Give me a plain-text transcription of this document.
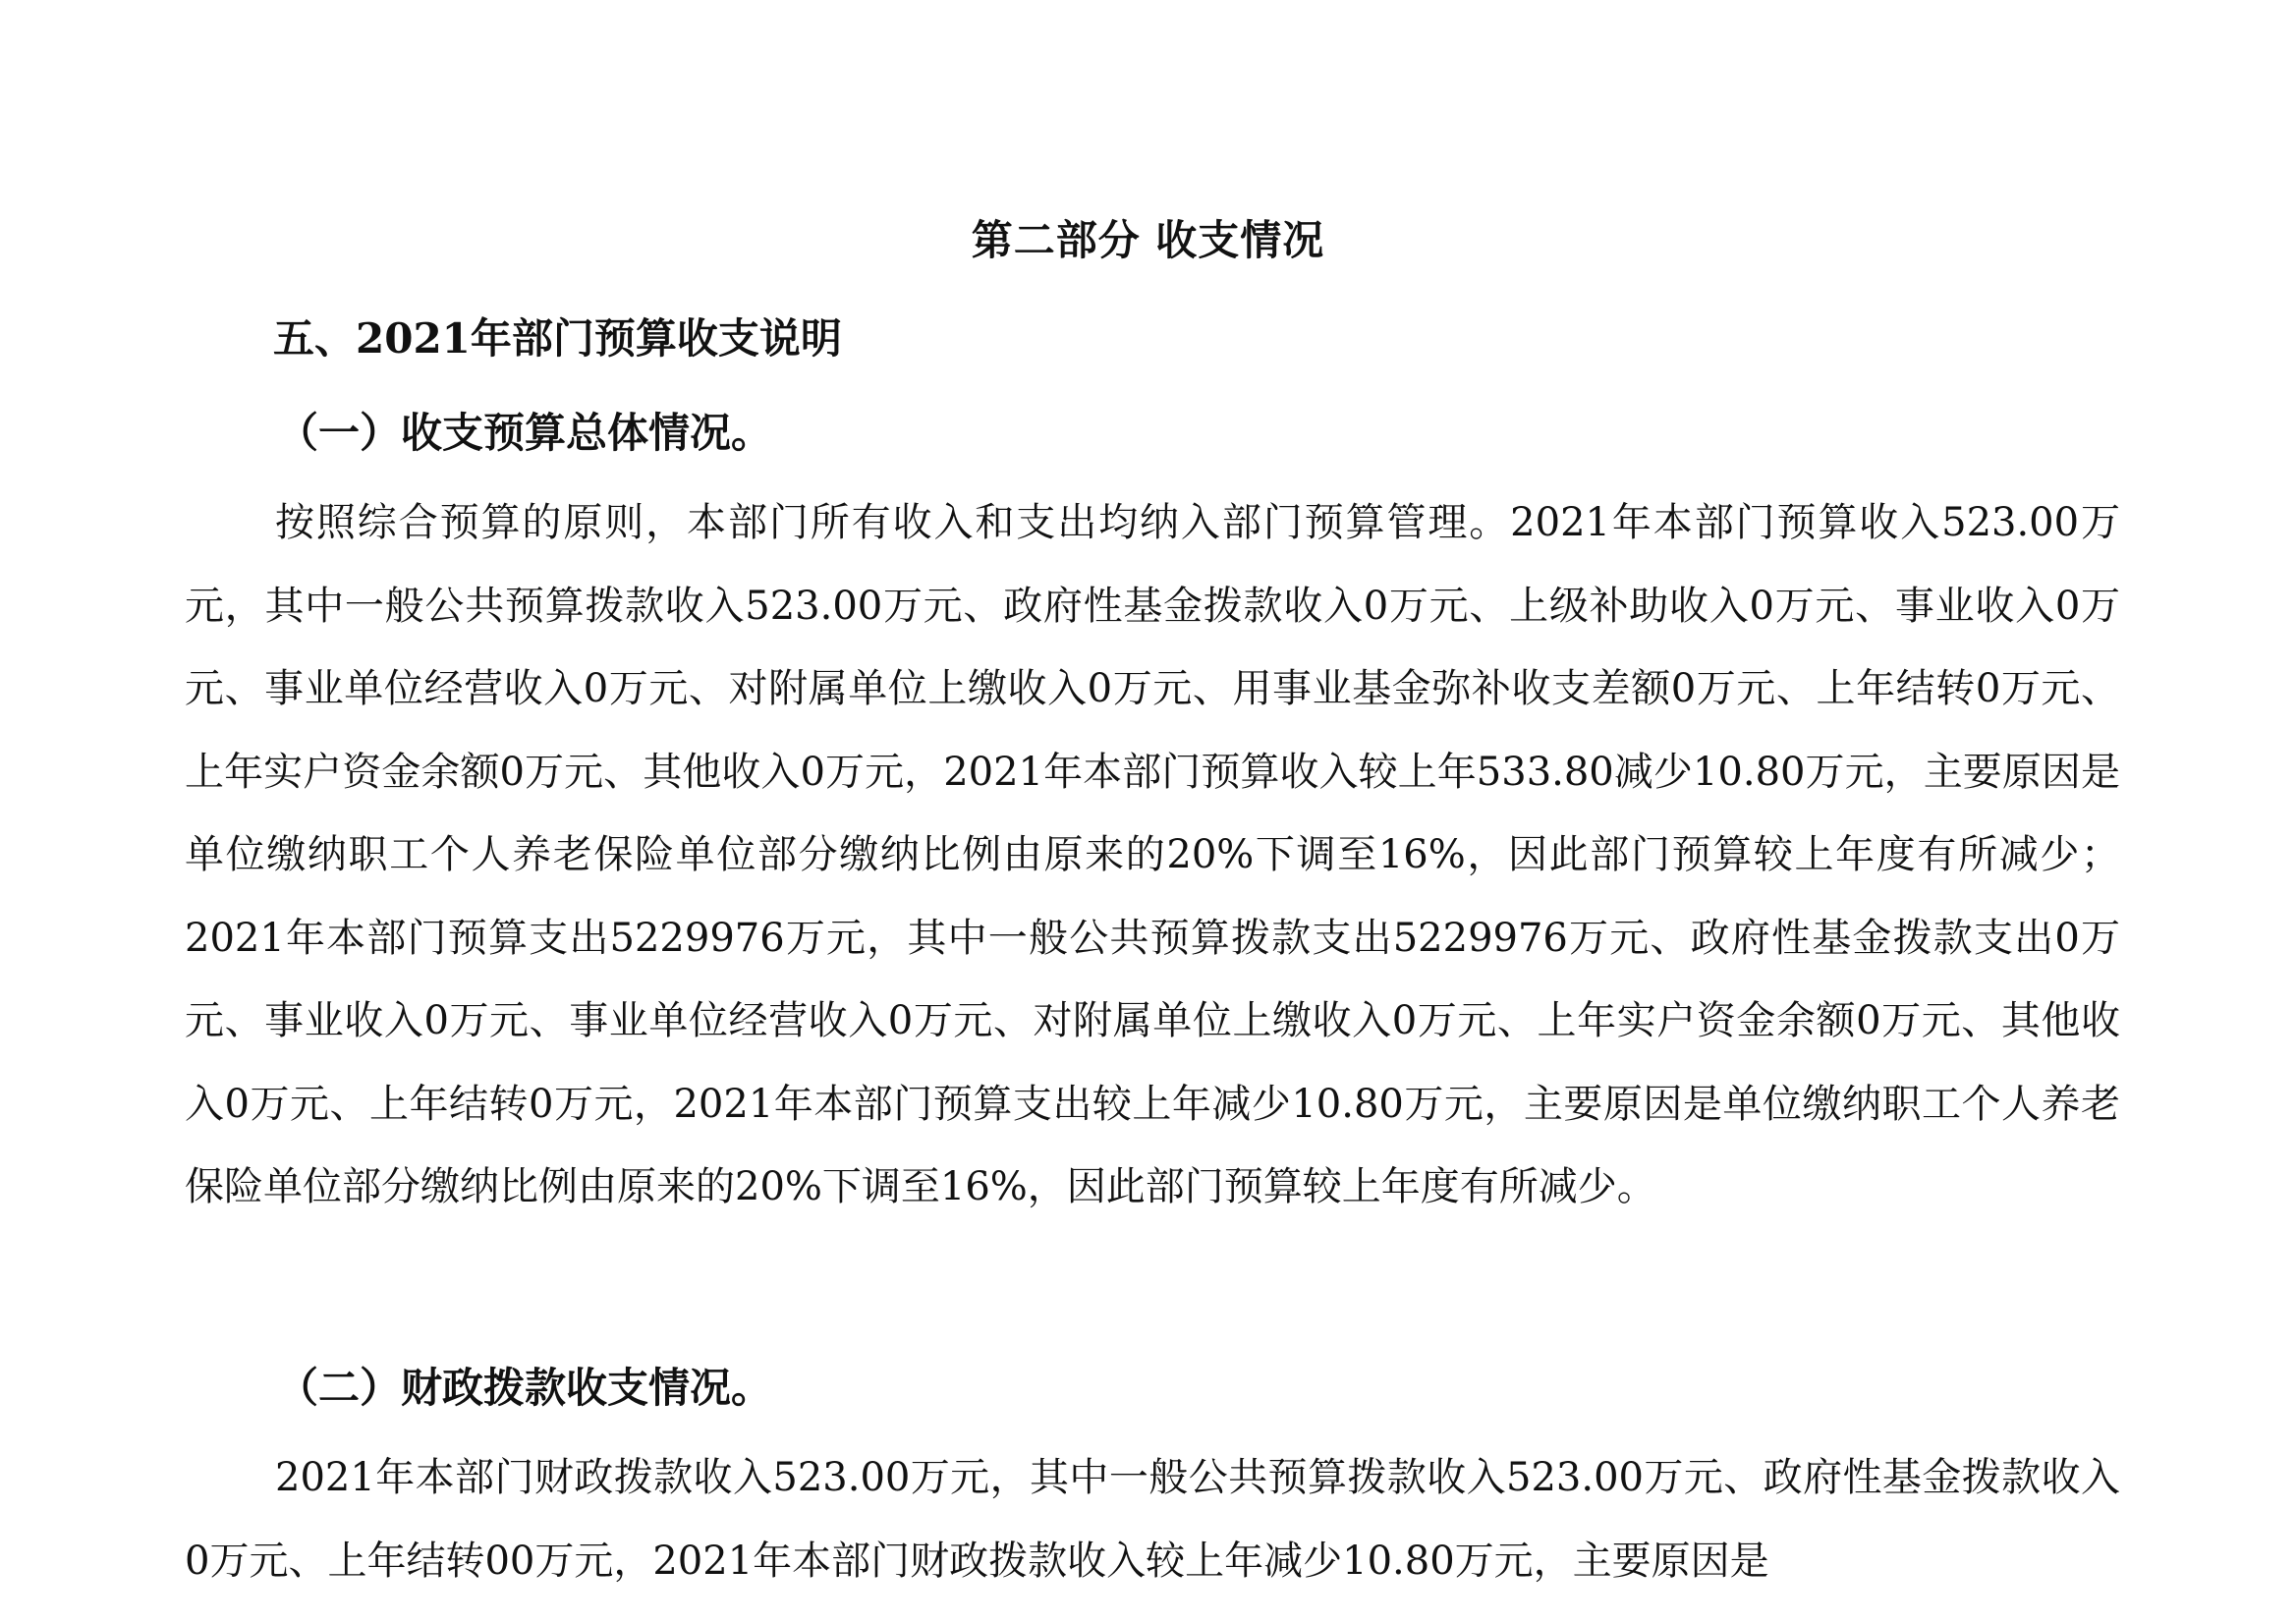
第二部分 收支情况
五、2021年部门预算收支说明
（一）收支预算总体情况。

按照综合预算的原则，本部门所有收入和支出均纳入部门预算管理。2021年本部门预算收入523.00万元，其中一般公共预算拨款收入523.00万元、政府性基金拨款收入0万元、上级补助收入0万元、事业收入0万元、事业单位经营收入0万元、对附属单位上缴收入0万元、用事业基金弥补收支差额0万元、上年结转0万元、上年实户资金余额0万元、其他收入0万元，2021年本部门预算收入较上年533.80减少10.80万元，主要原因是单位缴纳职工个人养老保险单位部分缴纳比例由原来的20%下调至16%，因此部门预算较上年度有所减少；2021年本部门预算支出5229976万元，其中一般公共预算拨款支出5229976万元、政府性基金拨款支出0万元、事业收入0万元、事业单位经营收入0万元、对附属单位上缴收入0万元、上年实户资金余额0万元、其他收入0万元、上年结转0万元，2021年本部门预算支出较上年减少10.80万元，主要原因是单位缴纳职工个人养老保险单位部分缴纳比例由原来的20%下调至16%，因此部门预算较上年度有所减少。

（二）财政拨款收支情况。

2021年本部门财政拨款收入523.00万元，其中一般公共预算拨款收入523.00万元、政府性基金拨款收入0万元、上年结转00万元，2021年本部门财政拨款收入较上年减少10.80万元，主要原因是
